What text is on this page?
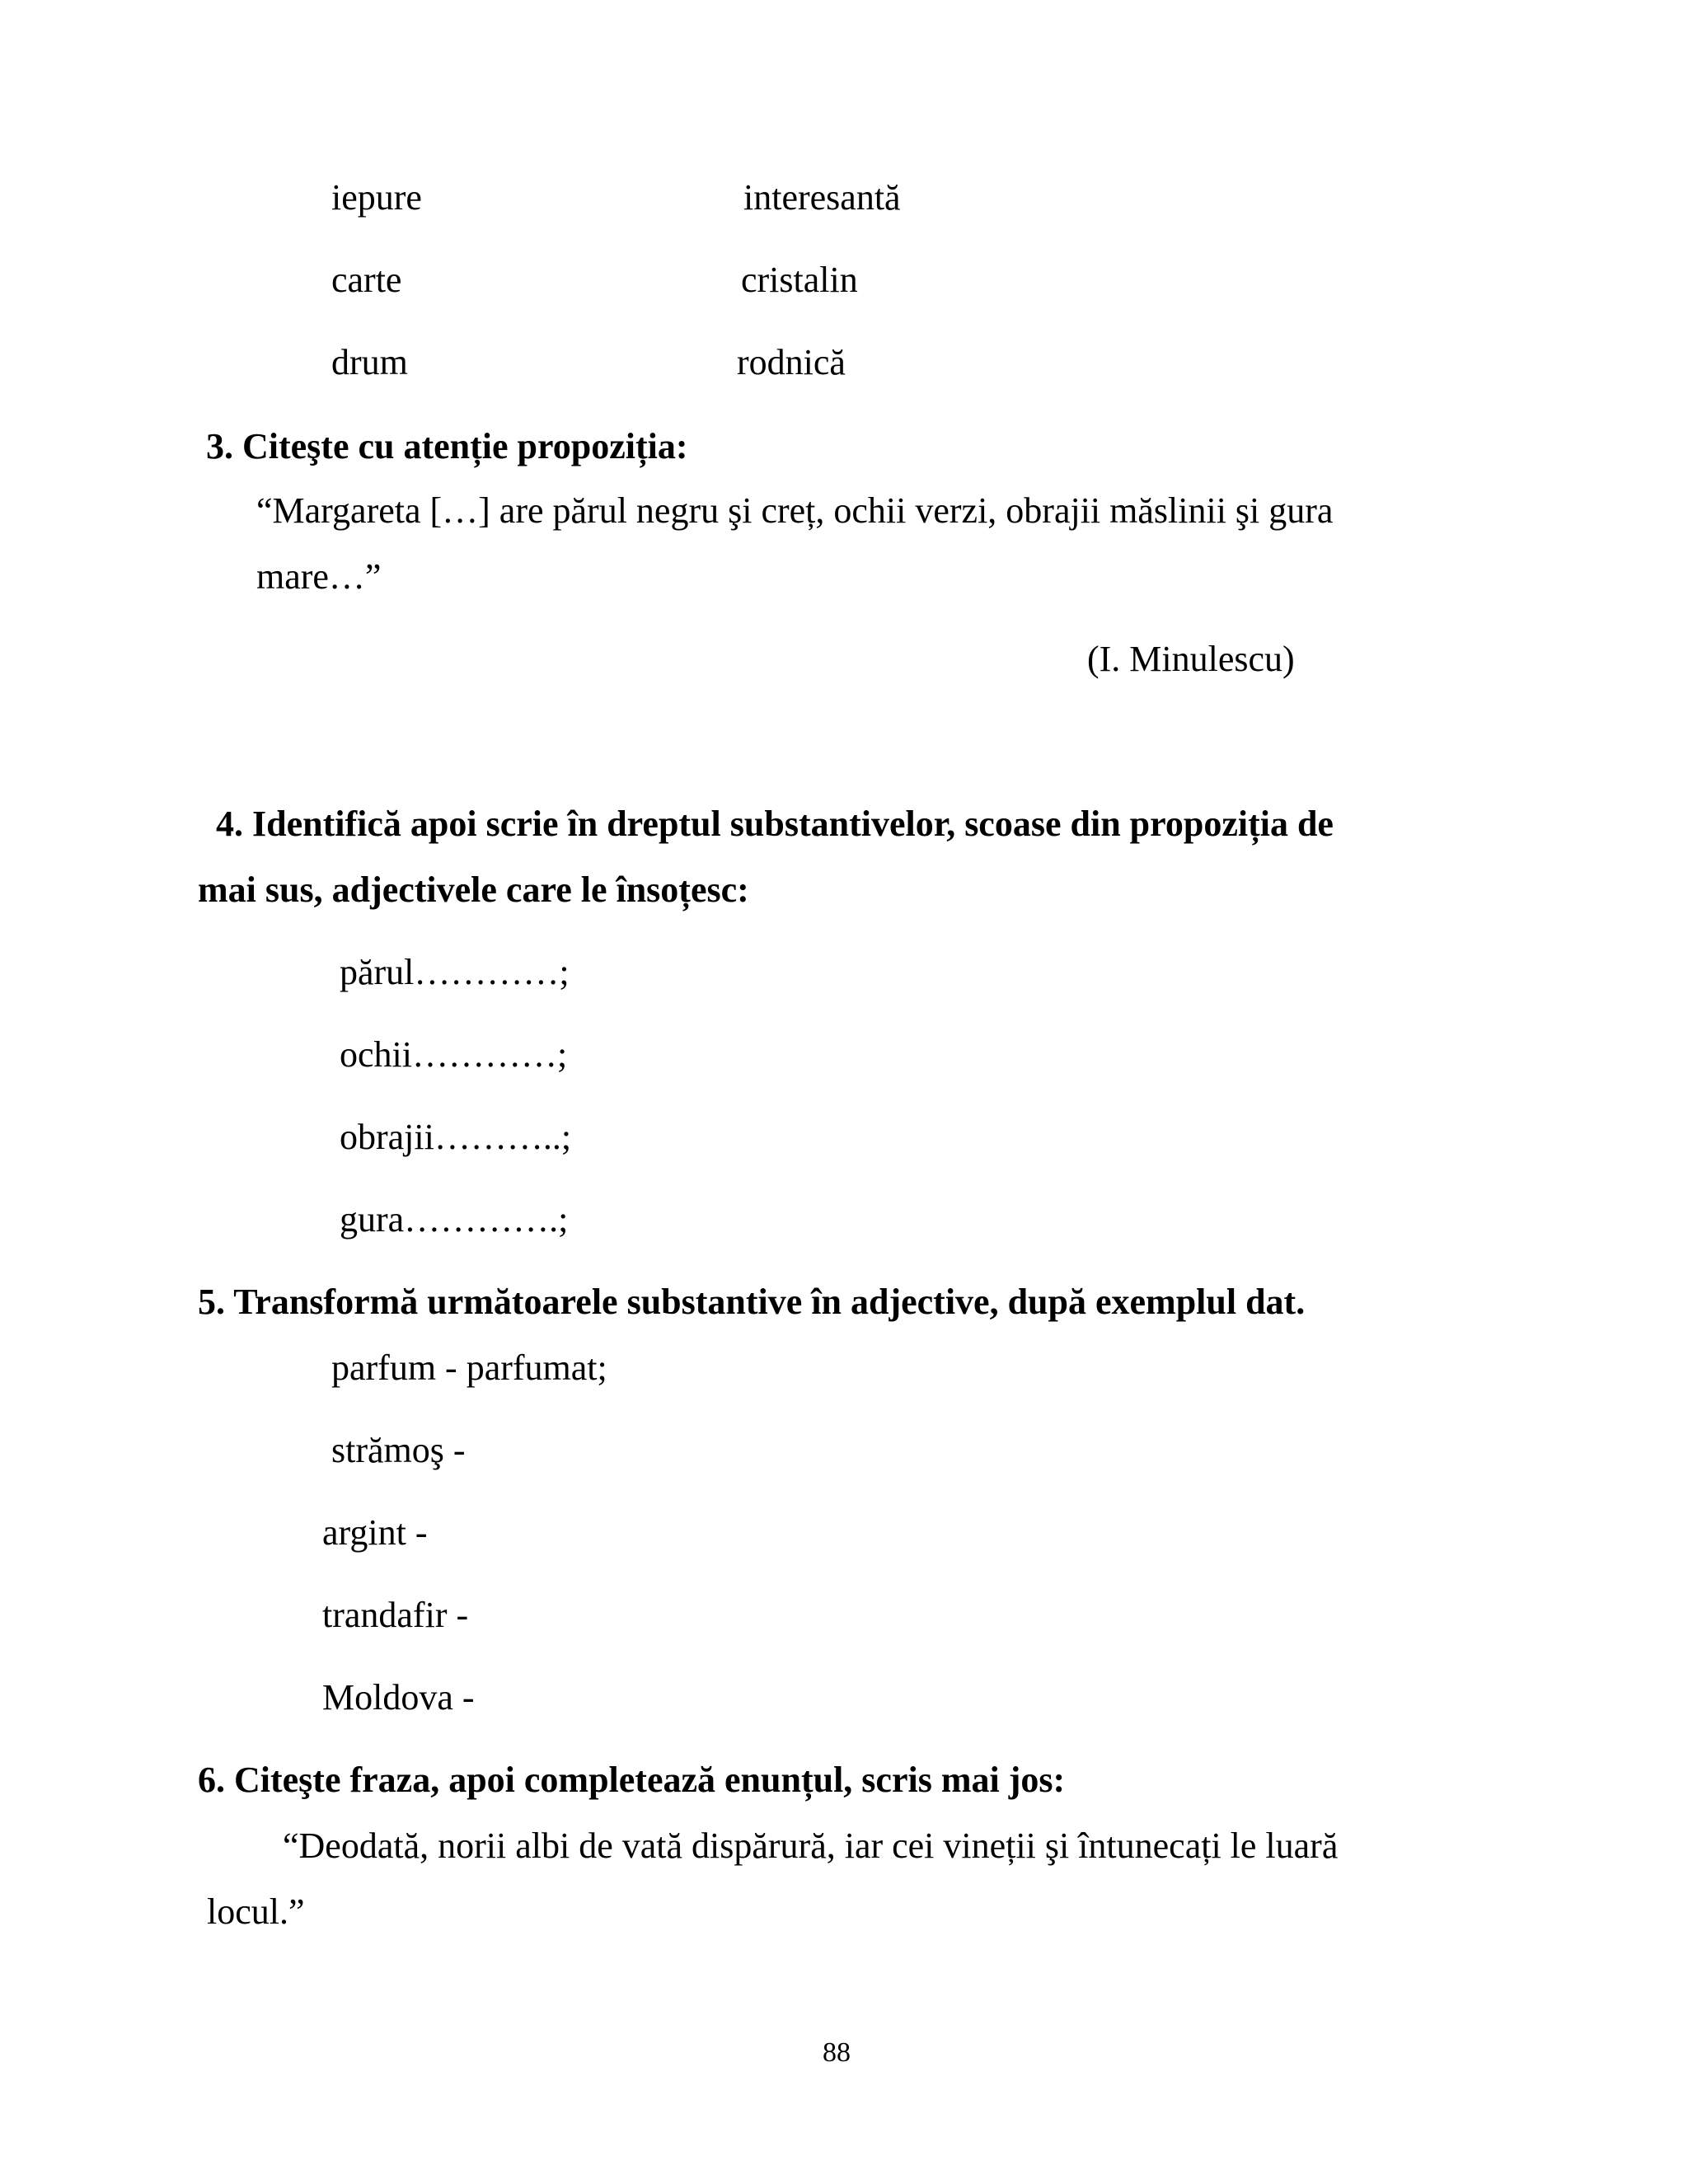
iepure	interesantă
carte	cristalin
drum	rodnică
3. Citeşte cu atenție propoziția:
“Margareta […] are părul negru şi creț, ochii verzi, obrajii măslinii şi gura
mare…”
(I. Minulescu)
4. Identifică apoi scrie în dreptul substantivelor, scoase din propoziția de
mai sus, adjectivele care le însoțesc:
părul…………;
ochii…………;
obrajii………..;
gura………….;
5. Transformă următoarele substantive în adjective, după exemplul dat.
parfum - parfumat;
strămoş -
argint -
trandafir -
Moldova -
6. Citeşte fraza, apoi completează enunțul, scris mai jos:
“Deodată, norii albi de vată dispărură, iar cei vineții şi întunecați le luară
locul.”
88
